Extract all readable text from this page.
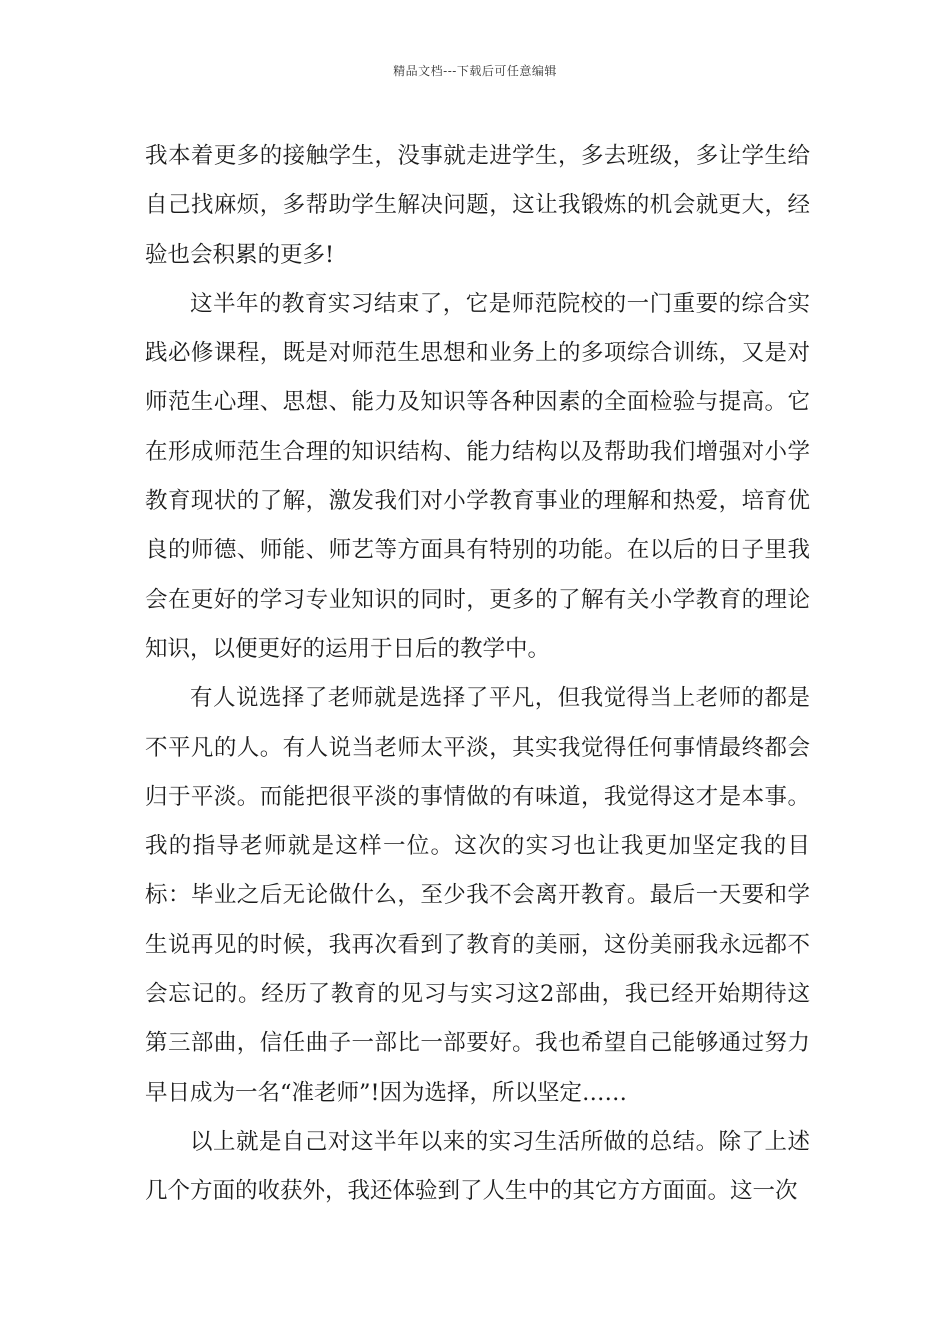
精品文档---下载后可任意编辑

我本着更多的接触学生，没事就走进学生，多去班级，多让学生给自己找麻烦，多帮助学生解决问题，这让我锻炼的机会就更大，经验也会积累的更多!

这半年的教育实习结束了，它是师范院校的一门重要的综合实践必修课程，既是对师范生思想和业务上的多项综合训练，又是对师范生心理、思想、能力及知识等各种因素的全面检验与提高。它在形成师范生合理的知识结构、能力结构以及帮助我们增强对小学教育现状的了解，激发我们对小学教育事业的理解和热爱，培育优良的师德、师能、师艺等方面具有特别的功能。在以后的日子里我会在更好的学习专业知识的同时，更多的了解有关小学教育的理论知识，以便更好的运用于日后的教学中。

有人说选择了老师就是选择了平凡，但我觉得当上老师的都是不平凡的人。有人说当老师太平淡，其实我觉得任何事情最终都会归于平淡。而能把很平淡的事情做的有味道，我觉得这才是本事。我的指导老师就是这样一位。这次的实习也让我更加坚定我的目标：毕业之后无论做什么，至少我不会离开教育。最后一天要和学生说再见的时候，我再次看到了教育的美丽，这份美丽我永远都不会忘记的。经历了教育的见习与实习这2部曲，我已经开始期待这第三部曲，信任曲子一部比一部要好。我也希望自己能够通过努力早日成为一名“准老师”!因为选择，所以坚定……

以上就是自己对这半年以来的实习生活所做的总结。除了上述几个方面的收获外，我还体验到了人生中的其它方方面面。这一次
